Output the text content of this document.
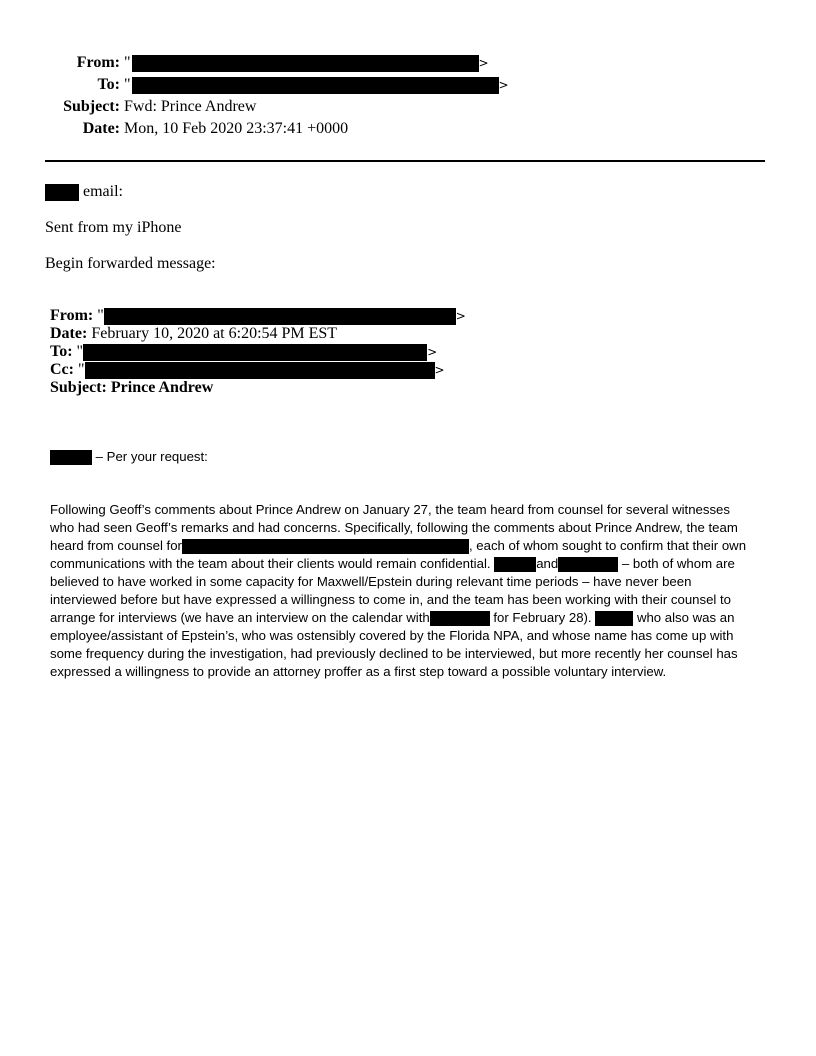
From: "	>
To: "	>
Subject: Fwd: Prince Andrew
Date: Mon, 10 Feb 2020 23:37:41 +0000
email:
Sent from my iPhone
Begin forwarded message:
From: "	>
Date: February 10, 2020 at 6:20:54 PM EST
To: "	>
Cc: "	>
Subject: Prince Andrew
– Per your request:
Following Geoff’s comments about Prince Andrew on January 27, the team heard from counsel for several witnesses
who had seen Geoff’s remarks and had concerns. Specifically, following the comments about Prince Andrew, the team
heard from counsel for	, each of whom sought to confirm that their own
communications with the team about their clients would remain confidential.	and	– both of whom are
believed to have worked in some capacity for Maxwell/Epstein during relevant time periods – have never been
interviewed before but have expressed a willingness to come in, and the team has been working with their counsel to
arrange for interviews (we have an interview on the calendar with	for February 28).	who also was an
employee/assistant of Epstein’s, who was ostensibly covered by the Florida NPA, and whose name has come up with
some frequency during the investigation, had previously declined to be interviewed, but more recently her counsel has
expressed a willingness to provide an attorney proffer as a first step toward a possible voluntary interview.
